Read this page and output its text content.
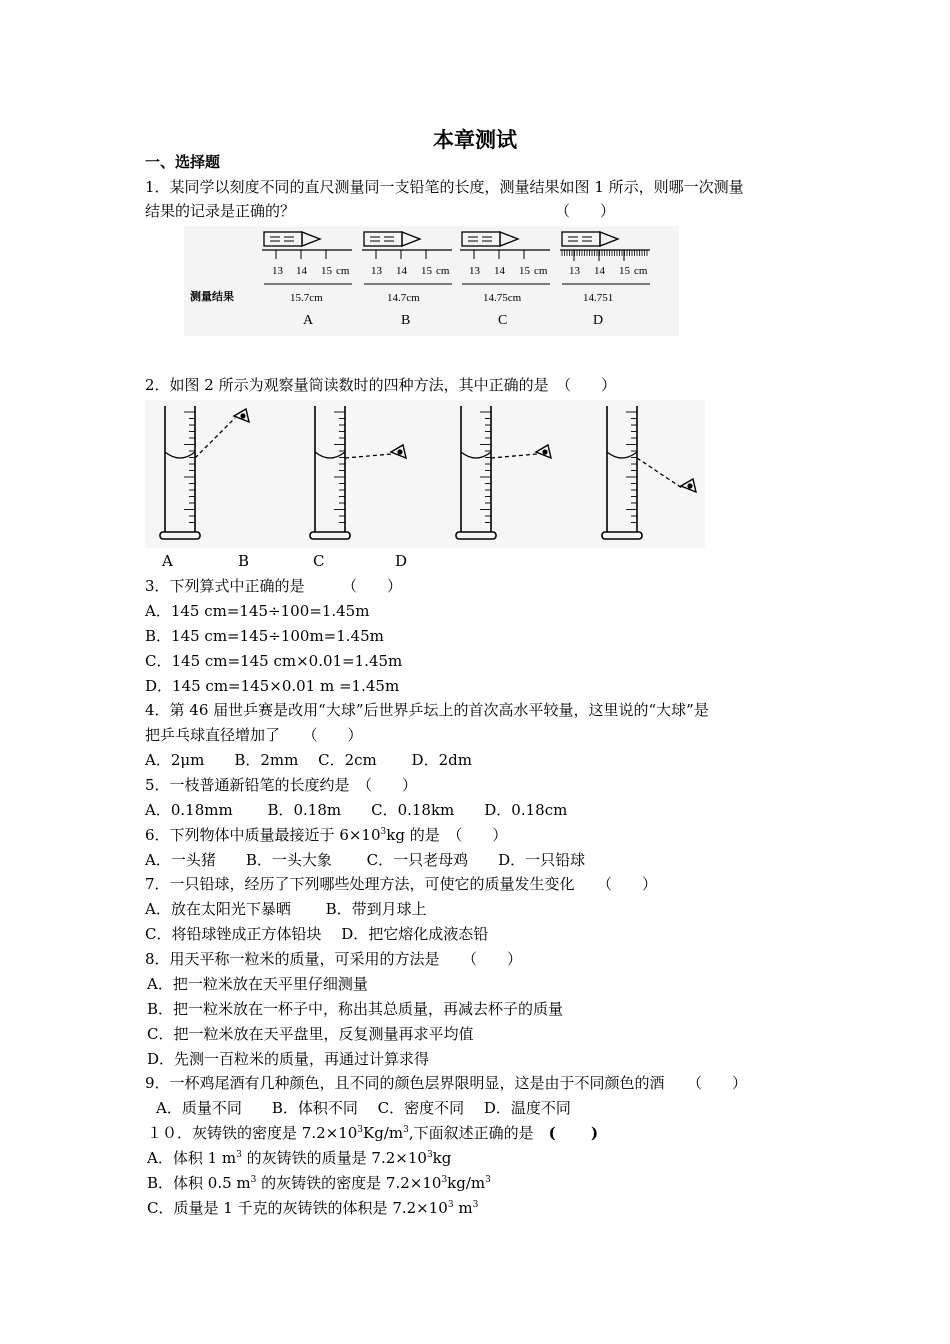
本章测试
一、选择题
1．某同学以刻度不同的直尺测量同一支铅笔的长度，测量结果如图 1 所示，则哪一次测量
结果的记录是正确的？	（　　）
测量结果
13 14 15 cm
15.7cm
A
13 14 15 cm
14.7cm
B
13 14 15 cm
14.75cm
C
13 14 15 cm
14.751
D
2．如图 2 所示为观察量筒读数时的四种方法，其中正确的是　（　　）
A	B	C	D
3．下列算式中正确的是　　　（　　）
A．145 cm=145÷100=1.45m
B．145 cm=145÷100m=1.45m
C．145 cm=145 cm×0.01=1.45m
D．145 cm=145×0.01 m =1.45m
4．第 46 届世乒赛是改用“大球”后世界乒坛上的首次高水平较量，这里说的“大球”是
把乒乓球直径增加了　　（　　）
A．2μm　　B．2mm　 C．2cm　　 D．2dm
5．一枝普通新铅笔的长度约是　（　　）
A．0.18mm　　 B．0.18m　　C．0.18km　　D．0.18cm
6．下列物体中质量最接近于 $6\times 10^3kg$ 的是　（　　）
A．一头猪　　B．一头大象　　 C．一只老母鸡　　D．一只铅球
7．一只铅球，经历了下列哪些处理方法，可使它的质量发生变化　　（　　）
A．放在太阳光下暴晒　　 B．带到月球上
C．将铅球锉成正方体铅块　 D．把它熔化成液态铅
8．用天平称一粒米的质量，可采用的方法是　　（　　）
A．把一粒米放在天平里仔细测量
B．把一粒米放在一杯子中，称出其总质量，再减去杯子的质量
C．把一粒米放在天平盘里，反复测量再求平均值
D．先测一百粒米的质量，再通过计算求得
9．一杯鸡尾酒有几种颜色，且不同的颜色层界限明显，这是由于不同颜色的酒　　（　　）
A．质量不同　　B．体积不同　 C．密度不同　 D．温度不同
１０．灰铸铁的密度是 $7.2\times 10^3Kg/m^3$,下面叙述正确的是　(　　 )
A．体积 1 $m^3$ 的灰铸铁的质量是 $7.2\times 10^3kg$
B．体积 0.5 $m^3$ 的灰铸铁的密度是 $7.2\times 10^3kg/m^3$
C．质量是 1 千克的灰铸铁的体积是 $7.2\times 10^3$ $m^3$
